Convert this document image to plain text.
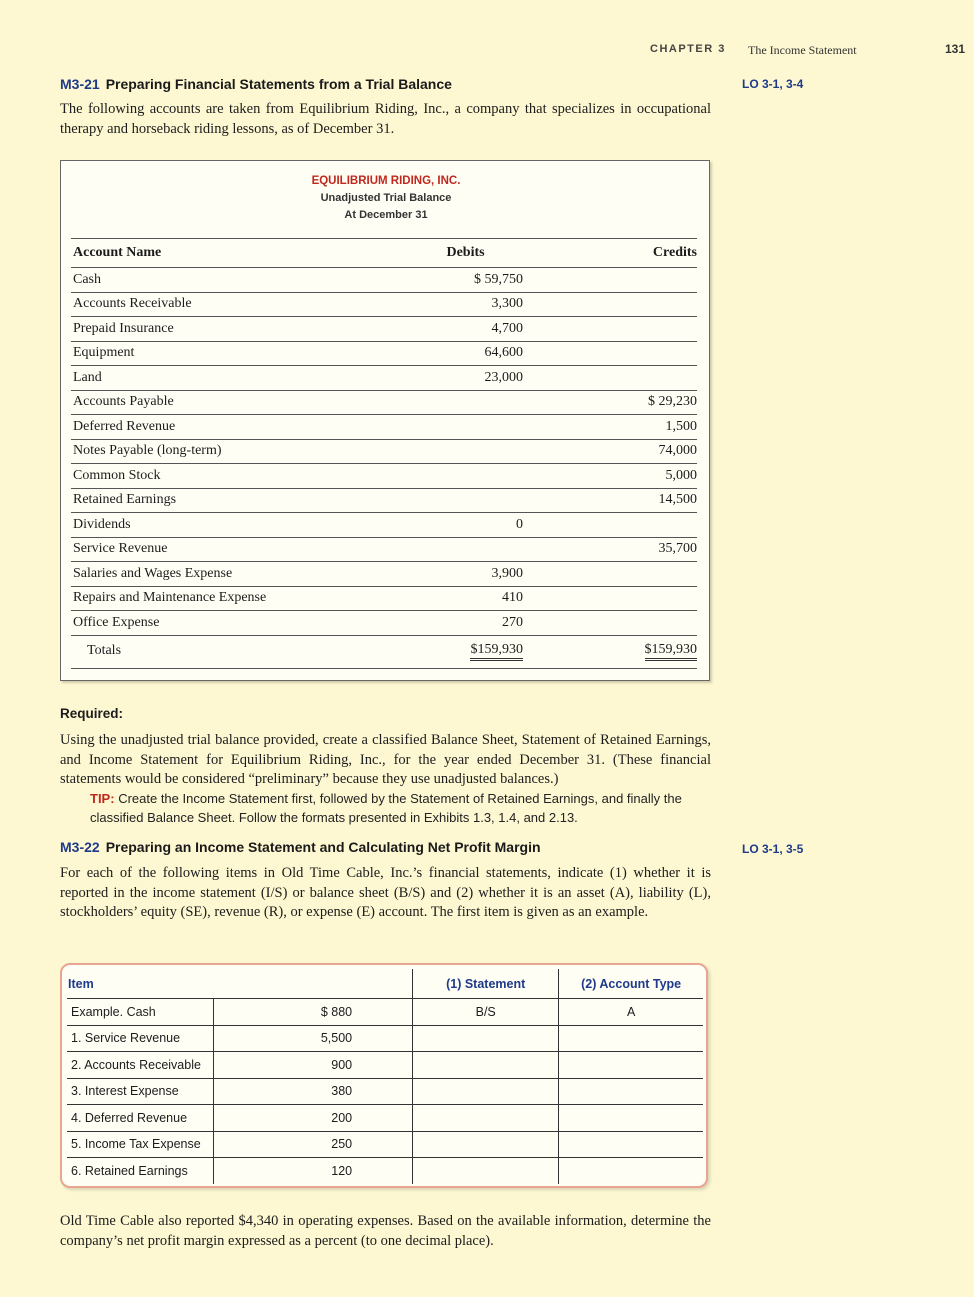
CHAPTER 3 The Income Statement	131
M3-21 Preparing Financial Statements from a Trial Balance	LO 3-1, 3-4
The following accounts are taken from Equilibrium Riding, Inc., a company that specializes in occupational therapy and horseback riding lessons, as of December 31.
EQUILIBRIUM RIDING, INC.
Unadjusted Trial Balance
At December 31
Account Name	Debits	Credits
Cash	$ 59,750	
Accounts Receivable	3,300	
Prepaid Insurance	4,700	
Equipment	64,600	
Land	23,000	
Accounts Payable		$ 29,230
Deferred Revenue		1,500
Notes Payable (long-term)		74,000
Common Stock		5,000
Retained Earnings		14,500
Dividends	0	
Service Revenue		35,700
Salaries and Wages Expense	3,900	
Repairs and Maintenance Expense	410	
Office Expense	270	
Totals	$159,930	$159,930
Required:
Using the unadjusted trial balance provided, create a classified Balance Sheet, Statement of Retained Earnings, and Income Statement for Equilibrium Riding, Inc., for the year ended December 31. (These financial statements would be considered “preliminary” because they use unadjusted balances.)
TIP: Create the Income Statement first, followed by the Statement of Retained Earnings, and finally the classified Balance Sheet. Follow the formats presented in Exhibits 1.3, 1.4, and 2.13.
M3-22 Preparing an Income Statement and Calculating Net Profit Margin	LO 3-1, 3-5
For each of the following items in Old Time Cable, Inc.’s financial statements, indicate (1) whether it is reported in the income statement (I/S) or balance sheet (B/S) and (2) whether it is an asset (A), liability (L), stockholders’ equity (SE), revenue (R), or expense (E) account. The first item is given as an example.
Item		(1) Statement	(2) Account Type
Example. Cash	$ 880	B/S	A
1. Service Revenue	5,500		
2. Accounts Receivable	900		
3. Interest Expense	380		
4. Deferred Revenue	200		
5. Income Tax Expense	250		
6. Retained Earnings	120		
Old Time Cable also reported $4,340 in operating expenses. Based on the available information, determine the company’s net profit margin expressed as a percent (to one decimal place).
